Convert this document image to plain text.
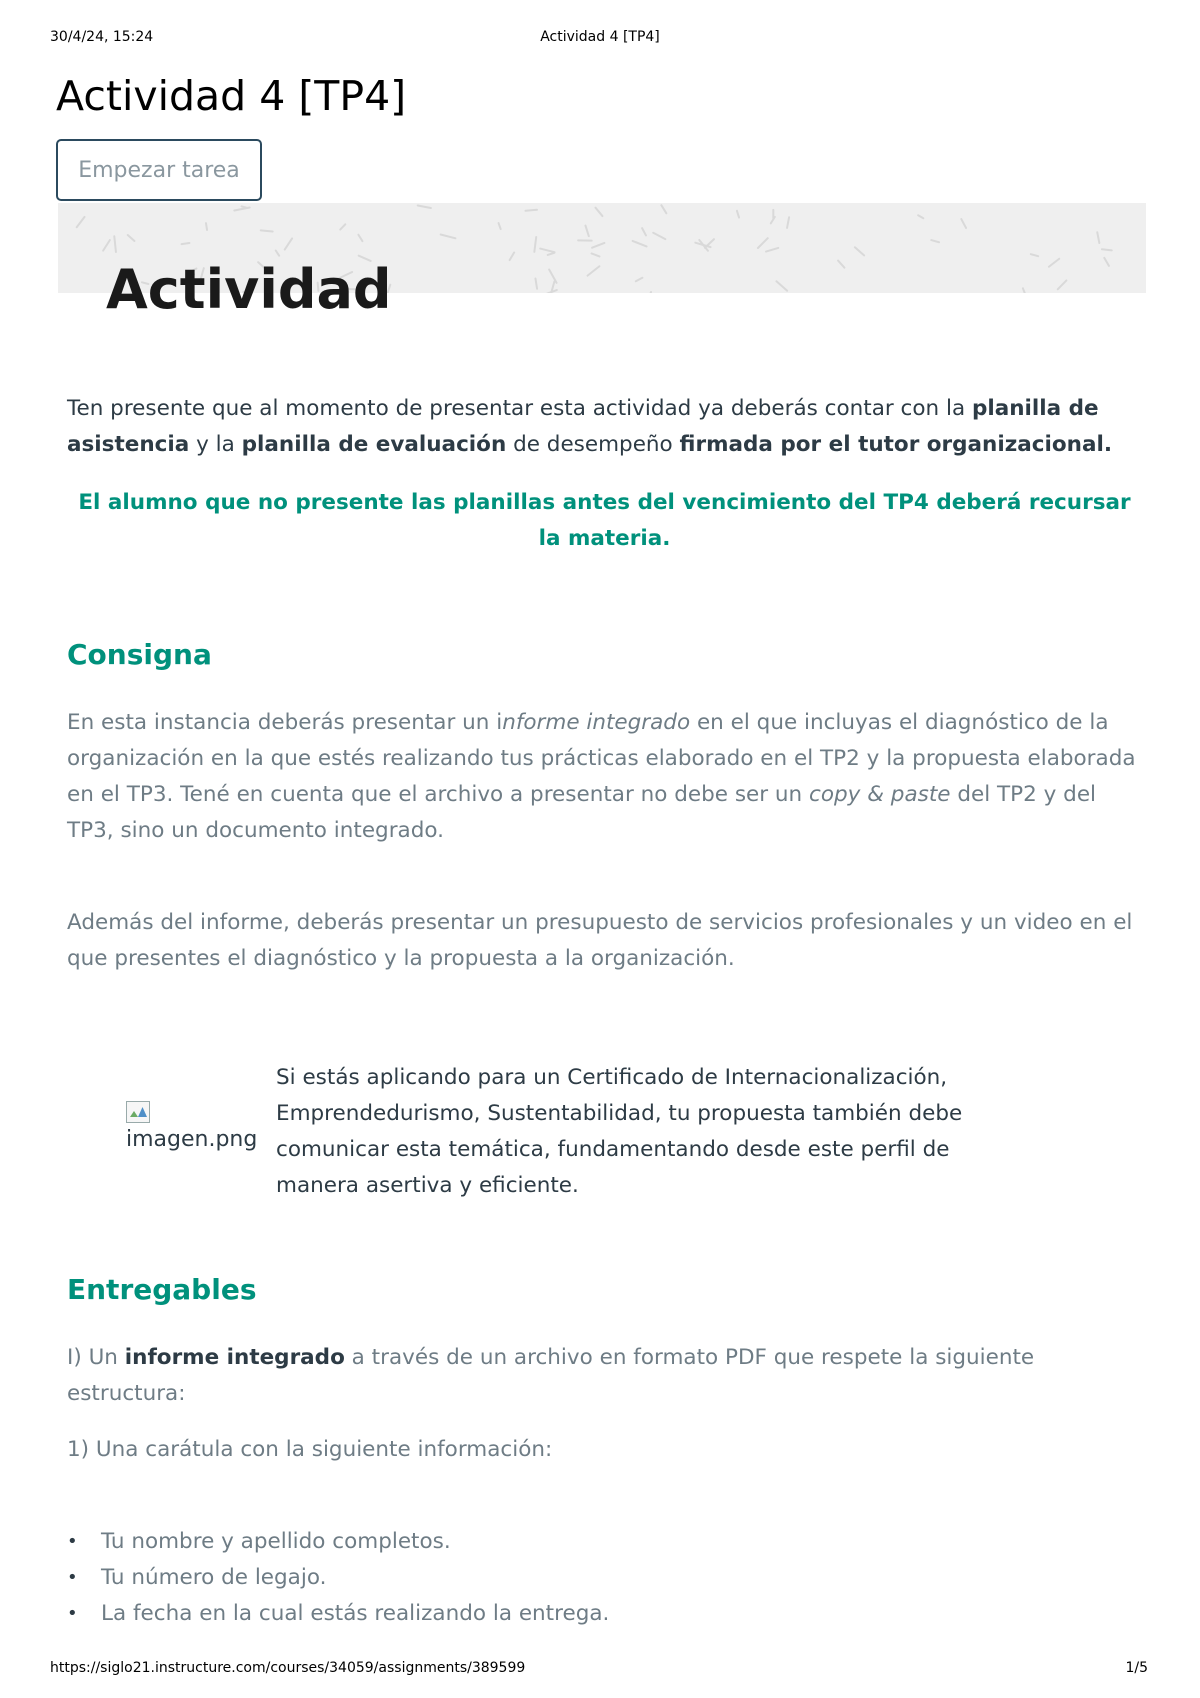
30/4/24, 15:24	Actividad 4 [TP4]
Actividad 4 [TP4]
Empezar tarea
Actividad

Ten presente que al momento de presentar esta actividad ya deberás contar con la planilla de asistencia y la planilla de evaluación de desempeño firmada por el tutor organizacional.

El alumno que no presente las planillas antes del vencimiento del TP4 deberá recursar la materia.

Consigna

En esta instancia deberás presentar un informe integrado en el que incluyas el diagnóstico de la organización en la que estés realizando tus prácticas elaborado en el TP2 y la propuesta elaborada en el TP3. Tené en cuenta que el archivo a presentar no debe ser un copy & paste del TP2 y del TP3, sino un documento integrado.

Además del informe, deberás presentar un presupuesto de servicios profesionales y un video en el que presentes el diagnóstico y la propuesta a la organización.

imagen.png

Si estás aplicando para un Certificado de Internacionalización, Emprendedurismo, Sustentabilidad, tu propuesta también debe comunicar esta temática, fundamentando desde este perfil de manera asertiva y eficiente.

Entregables

I) Un informe integrado a través de un archivo en formato PDF que respete la siguiente estructura:

1) Una carátula con la siguiente información:

• Tu nombre y apellido completos.
• Tu número de legajo.
• La fecha en la cual estás realizando la entrega.
https://siglo21.instructure.com/courses/34059/assignments/389599	1/5
